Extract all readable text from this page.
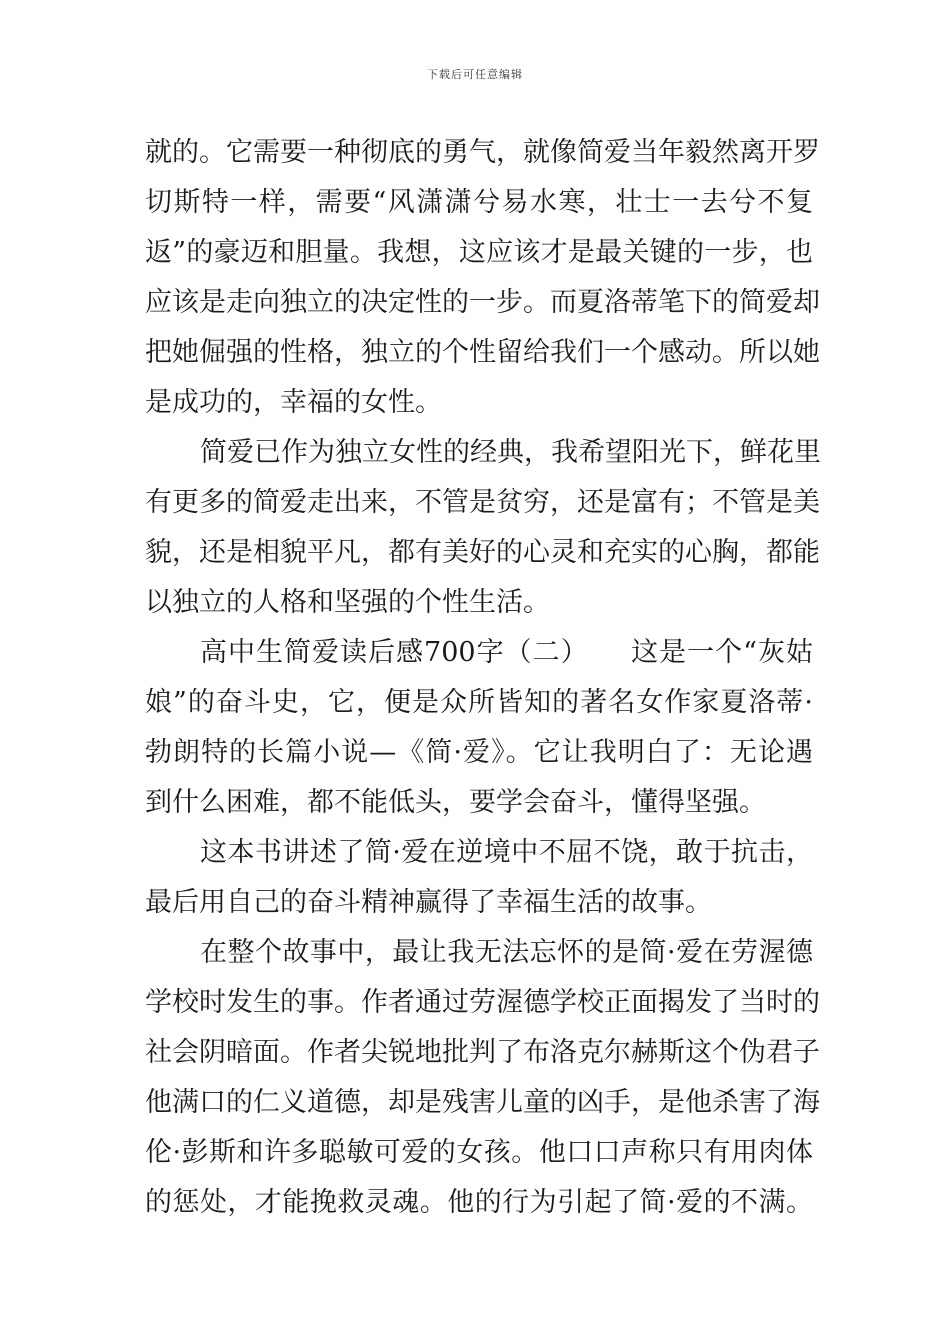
下载后可任意编辑
就的。它需要一种彻底的勇气，就像简爱当年毅然离开罗
切斯特一样，需要“风潇潇兮易水寒，壮士一去兮不复
返”的豪迈和胆量。我想，这应该才是最关键的一步，也
应该是走向独立的决定性的一步。而夏洛蒂笔下的简爱却
把她倔强的性格，独立的个性留给我们一个感动。所以她
是成功的，幸福的女性。
简爱已作为独立女性的经典，我希望阳光下，鲜花里
有更多的简爱走出来，不管是贫穷，还是富有；不管是美
貌，还是相貌平凡，都有美好的心灵和充实的心胸，都能
以独立的人格和坚强的个性生活。
高中生简爱读后感700字（二）　　这是一个“灰姑
娘”的奋斗史，它，便是众所皆知的著名女作家夏洛蒂·
勃朗特的长篇小说—《简·爱》。它让我明白了：无论遇
到什么困难，都不能低头，要学会奋斗，懂得坚强。
这本书讲述了简·爱在逆境中不屈不饶，敢于抗击，
最后用自己的奋斗精神赢得了幸福生活的故事。
在整个故事中，最让我无法忘怀的是简·爱在劳渥德
学校时发生的事。作者通过劳渥德学校正面揭发了当时的
社会阴暗面。作者尖锐地批判了布洛克尔赫斯这个伪君子
他满口的仁义道德，却是残害儿童的凶手，是他杀害了海
伦·彭斯和许多聪敏可爱的女孩。他口口声称只有用肉体
的惩处，才能挽救灵魂。他的行为引起了简·爱的不满。
